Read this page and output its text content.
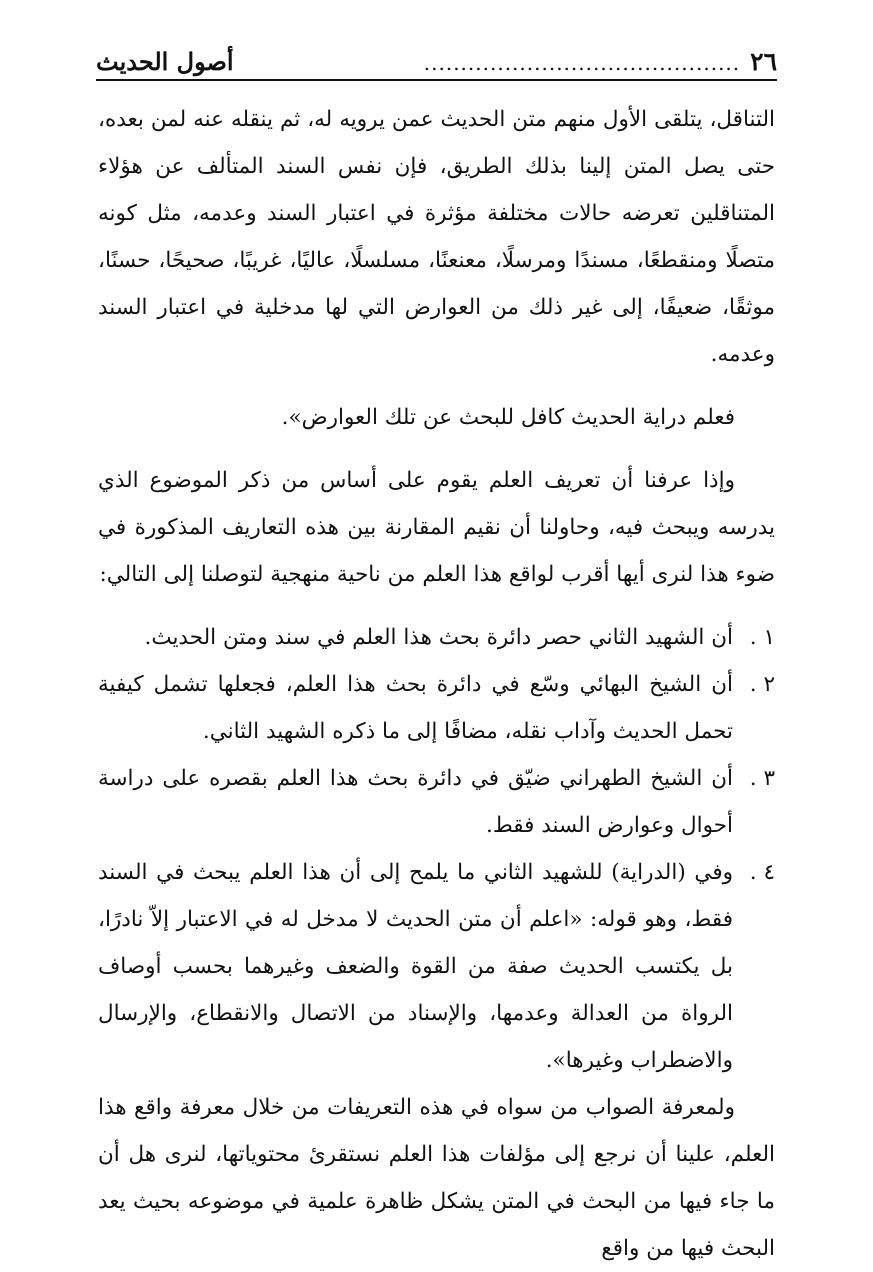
٢٦
...........................................
أصول الحديث

التناقل، يتلقى الأول منهم متن الحديث عمن يرويه له، ثم ينقله عنه لمن بعده، حتى يصل المتن إلينا بذلك الطريق، فإن نفس السند المتألف عن هؤلاء المتناقلين تعرضه حالات مختلفة مؤثرة في اعتبار السند وعدمه، مثل كونه متصلًا ومنقطعًا، مسندًا ومرسلًا، معنعنًا، مسلسلًا، عاليًا، غريبًا، صحيحًا، حسنًا، موثقًا، ضعيفًا، إلى غير ذلك من العوارض التي لها مدخلية في اعتبار السند وعدمه.

فعلم دراية الحديث كافل للبحث عن تلك العوارض».

وإذا عرفنا أن تعريف العلم يقوم على أساس من ذكر الموضوع الذي يدرسه ويبحث فيه، وحاولنا أن نقيم المقارنة بين هذه التعاريف المذكورة في ضوء هذا لنرى أيها أقرب لواقع هذا العلم من ناحية منهجية لتوصلنا إلى التالي:

١ .
أن الشهيد الثاني حصر دائرة بحث هذا العلم في سند ومتن الحديث.
٢ .
أن الشيخ البهائي وسّع في دائرة بحث هذا العلم، فجعلها تشمل كيفية تحمل الحديث وآداب نقله، مضافًا إلى ما ذكره الشهيد الثاني.
٣ .
أن الشيخ الطهراني ضيّق في دائرة بحث هذا العلم بقصره على دراسة أحوال وعوارض السند فقط.
٤ .
وفي (الدراية) للشهيد الثاني ما يلمح إلى أن هذا العلم يبحث في السند فقط، وهو قوله: «اعلم أن متن الحديث لا مدخل له في الاعتبار إلاّ نادرًا، بل يكتسب الحديث صفة من القوة والضعف وغيرهما بحسب أوصاف الرواة من العدالة وعدمها، والإسناد من الاتصال والانقطاع، والإرسال والاضطراب وغيرها».

ولمعرفة الصواب من سواه في هذه التعريفات من خلال معرفة واقع هذا العلم، علينا أن نرجع إلى مؤلفات هذا العلم نستقرئ محتوياتها، لنرى هل أن ما جاء فيها من البحث في المتن يشكل ظاهرة علمية في موضوعه بحيث يعد البحث فيها من واقع
